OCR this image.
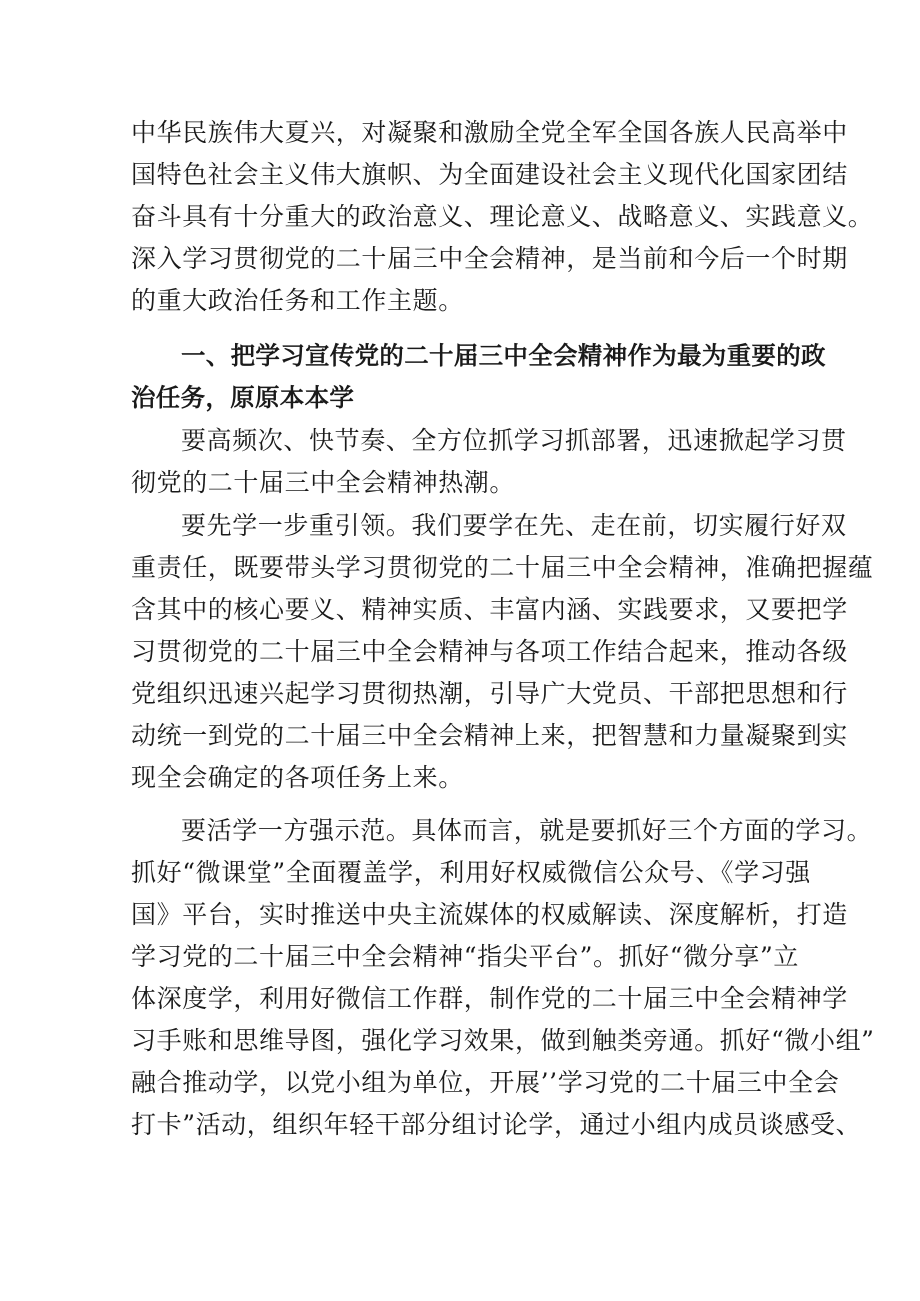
中华民族伟大夏兴，对凝聚和激励全党全军全国各族人民高举中
国特色社会主义伟大旗帜、为全面建设社会主义现代化国家团结
奋斗具有十分重大的政治意义、理论意义、战略意义、实践意义。
深入学习贯彻党的二十届三中全会精神，是当前和今后一个时期
的重大政治任务和工作主题。
一、把学习宣传党的二十届三中全会精神作为最为重要的政
治任务，原原本本学
要高频次、快节奏、全方位抓学习抓部署，迅速掀起学习贯
彻党的二十届三中全会精神热潮。
要先学一步重引领。我们要学在先、走在前，切实履行好双
重责任，既要带头学习贯彻党的二十届三中全会精神，准确把握蕴
含其中的核心要义、精神实质、丰富内涵、实践要求，又要把学
习贯彻党的二十届三中全会精神与各项工作结合起来，推动各级
党组织迅速兴起学习贯彻热潮，引导广大党员、干部把思想和行
动统一到党的二十届三中全会精神上来，把智慧和力量凝聚到实
现全会确定的各项任务上来。
要活学一方强示范。具体而言，就是要抓好三个方面的学习。
抓好“微课堂”全面覆盖学，利用好权威微信公众号、《学习强
国》平台，实时推送中央主流媒体的权威解读、深度解析，打造
学习党的二十届三中全会精神“指尖平台”。抓好“微分享”立
体深度学，利用好微信工作群，制作党的二十届三中全会精神学
习手账和思维导图，强化学习效果，做到触类旁通。抓好“微小组”
融合推动学，以党小组为单位，开展’’学习党的二十届三中全会
打卡”活动，组织年轻干部分组讨论学，通过小组内成员谈感受、
